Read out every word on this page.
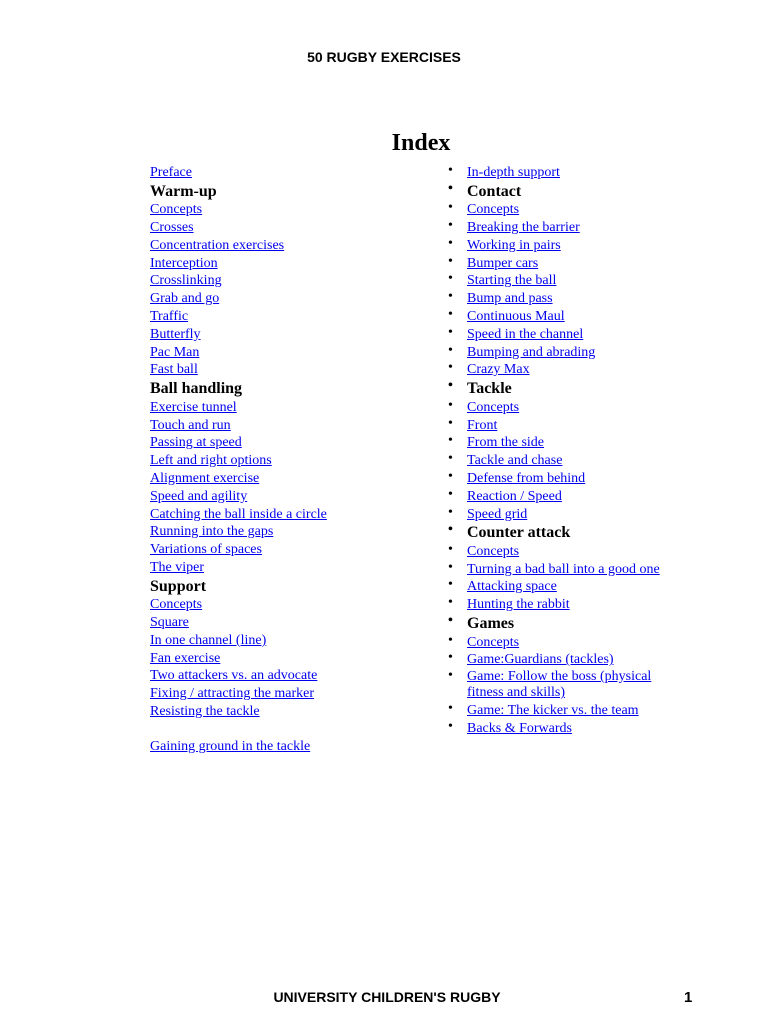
50 RUGBY EXERCISES
Index
Preface
Warm-up
Concepts
Crosses
Concentration exercises
Interception
Crosslinking
Grab and go
Traffic
Butterfly
Pac Man
Fast ball
Ball handling
Exercise tunnel
Touch and run
Passing at speed
Left and right options
Alignment exercise
Speed and agility
Catching the ball inside a circle
Running into the gaps
Variations of spaces
The viper
Support
Concepts
Square
In one channel (line)
Fan exercise
Two attackers vs. an advocate
Fixing / attracting the marker
Resisting the tackle
Gaining ground in the tackle
• In-depth support
• Contact
• Concepts
• Breaking the barrier
• Working in pairs
• Bumper cars
• Starting the ball
• Bump and pass
• Continuous Maul
• Speed in the channel
• Bumping and abrading
• Crazy Max
• Tackle
• Concepts
• Front
• From the side
• Tackle and chase
• Defense from behind
• Reaction / Speed
• Speed grid
• Counter attack
• Concepts
• Turning a bad ball into a good one
• Attacking space
• Hunting the rabbit
• Games
• Concepts
• Game:Guardians (tackles)
• Game: Follow the boss (physical fitness and skills)
• Game: The kicker vs. the team
• Backs & Forwards
UNIVERSITY CHILDREN'S RUGBY	1
